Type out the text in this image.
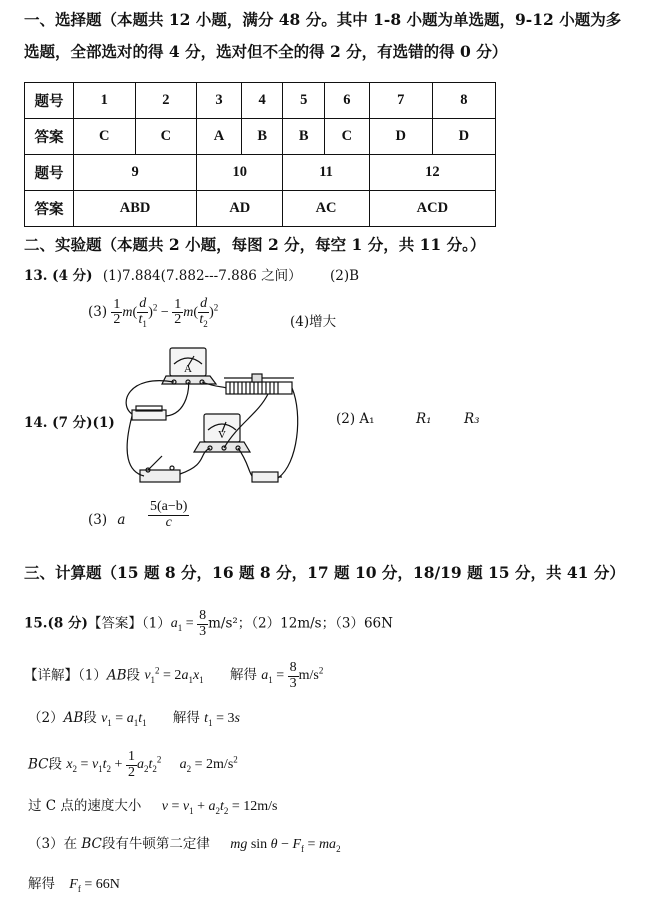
一、选择题（本题共 12 小题，满分 48 分。其中 1-8 小题为单选题，9-12 小题为多
选题，全部选对的得 4 分，选对但不全的得 2 分，有选错的得 0 分）
题号	1	2	3	4	5	6	7	8
答案	C	C	A	B	B	C	D	D
题号	9		10		11		12	
答案	ABD		AD		AC		ACD	
二、实验题（本题共 2 小题，每图 2 分，每空 1 分，共 11 分。）
13. (4 分) (1)7.884(7.882---7.886 之间） (2)B
$(3) \frac{1}{2} m( \frac{d}{t_1} )^2 - \frac{1}{2} m( \frac{d}{t_2} )^2$
(4)增大
14. (7 分)(1)
A
V
(2) A₁	R₁ R₃
(3) a $\frac{5(a-b)}{c}$
三、计算题（15 题 8 分，16 题 8 分，17 题 10 分，18/19 题 15 分，共 41 分）
15.(8 分)【答案】$(1)a_1 = \frac{8}{3} m/s^2$；（2）12m/s；（3）66N
【详解】（1）AB段 $v_1^2 = 2a_1x_1$ 解得 $a_1 = \frac{8}{3} m/s^2$
（2）AB段 $v_1 = a_1t_1$ 解得 $t_1 = 3s$
BC段 $x_2 = v_1t_2 + \frac{1}{2} a_2t_2^2$ $a_2 = 2m/s^2$
过 C 点的速度大小 $v = v_1 + a_2t_2 = 12m/s$
（3）在 BC段有牛顿第二定律 mg $\sin \theta - F_f = ma_2$
解得 $F_f = 66N$
